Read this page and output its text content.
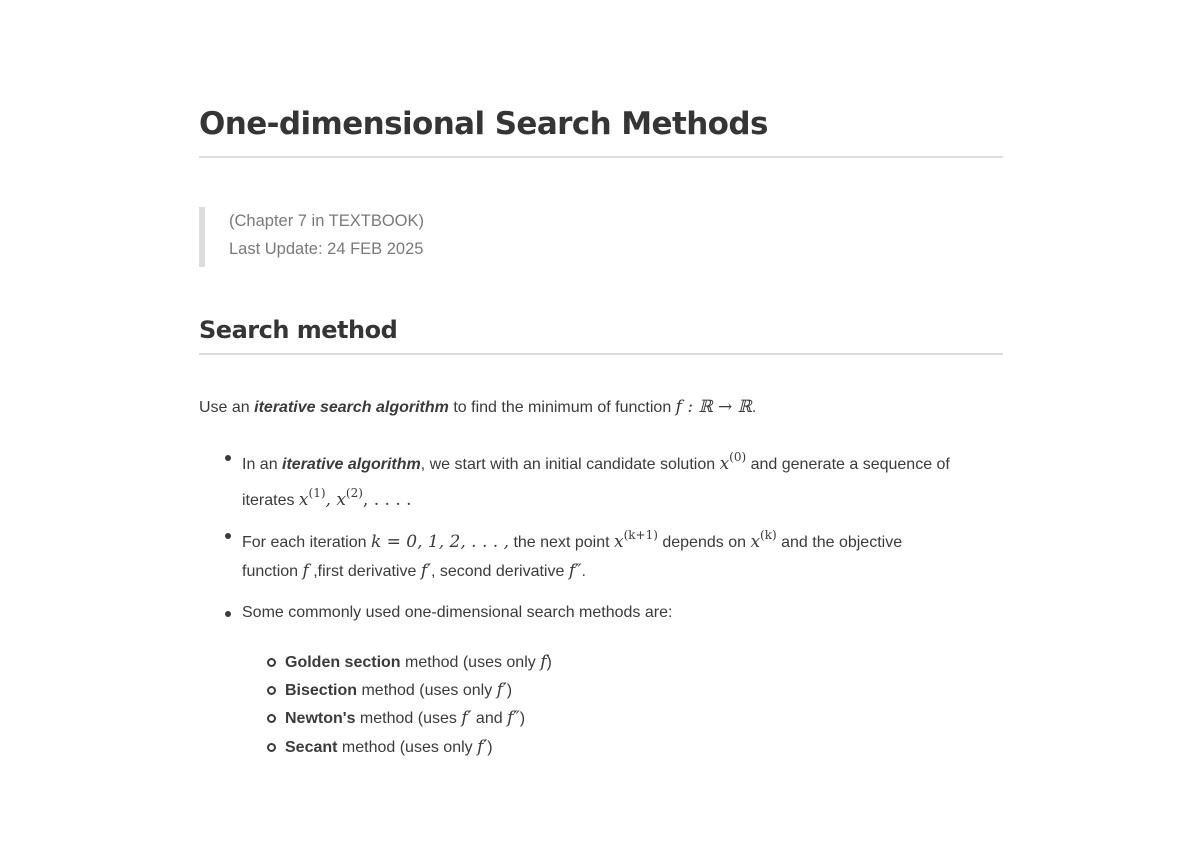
One-dimensional Search Methods
(Chapter 7 in TEXTBOOK)
Last Update: 24 FEB 2025
Search method
Use an iterative search algorithm to find the minimum of function f : ℝ → ℝ.
In an iterative algorithm, we start with an initial candidate solution $x^{(0)}$ and generate a sequence of
iterates $x^{(1)}$, $x^{(2)}$, . . . .
For each iteration k = 0, 1, 2, . . . , the next point $x^{(k+1)}$ depends on $x^{(k)}$ and the objective
function f ,first derivative f′, second derivative f″.
Some commonly used one-dimensional search methods are:
Golden section method (uses only f)
Bisection method (uses only f′)
Newton's method (uses f′ and f″)
Secant method (uses only f′)
